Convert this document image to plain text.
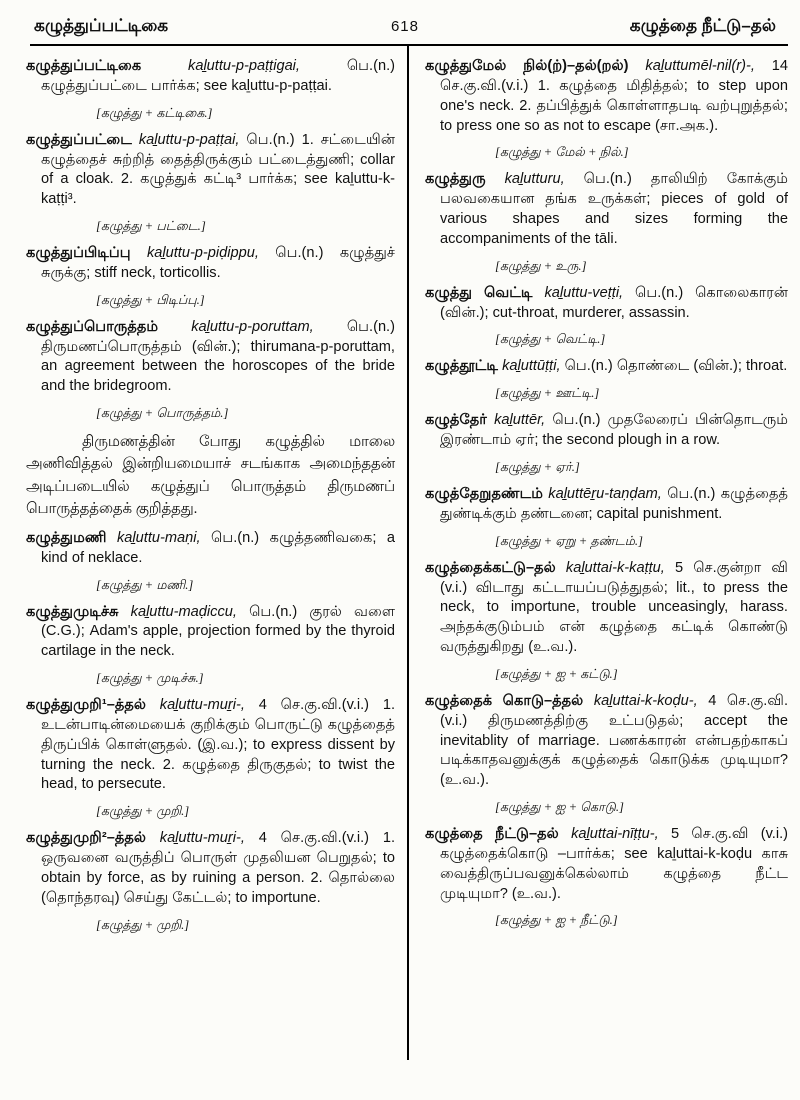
கழுத்துப்பட்டிகை	618	கழுத்தை நீட்டு–தல்

கழுத்துப்பட்டிகை	kaḻuttu-p-paṭṭigai,	பெ.(n.) கழுத்துப்பட்டை பார்க்க; see kaḻuttu-p-paṭṭai.

[கழுத்து + கட்டிகை.]

கழுத்துப்பட்டை kaḻuttu-p-paṭṭai, பெ.(n.) 1. சட்டையின் கழுத்தைச் சுற்றித் தைத்திருக்கும் பட்டைத்துணி; collar of a cloak. 2. கழுத்துக் கட்டி³ பார்க்க; see kaḻuttu-k-kaṭṭi³.

[கழுத்து + பட்டை.]

கழுத்துப்பிடிப்பு kaḻuttu-p-piḍippu, பெ.(n.) கழுத்துச் சுருக்கு; stiff neck, torticollis.

[கழுத்து + பிடிப்பு.]

கழுத்துப்பொருத்தம் kaḻuttu-p-poruttam, பெ.(n.) திருமணப்பொருத்தம் (வின்.); thirumana-p-poruttam, an agreement between the horoscopes of the bride and the bridegroom.

[கழுத்து + பொருத்தம்.]

திருமணத்தின் போது கழுத்தில் மாலை அணிவித்தல் இன்றியமையாச் சடங்காக அமைந்ததன் அடிப்படையில் கழுத்துப் பொருத்தம் திருமணப் பொருத்தத்தைக் குறித்தது.

கழுத்துமணி kaḻuttu-maṇi, பெ.(n.) கழுத்தணிவகை; a kind of neklace.

[கழுத்து + மணி.]

கழுத்துமுடிச்சு kaḻuttu-maḍiccu, பெ.(n.) குரல் வளை (C.G.); Adam's apple, projection formed by the thyroid cartilage in the neck.

[கழுத்து + முடிச்சு.]

கழுத்துமுறி¹–த்தல் kaḻuttu-muṟi-, 4 செ.கு.வி.(v.i.) 1. உடன்பாடின்மையைக் குறிக்கும் பொருட்டு கழுத்தைத் திருப்பிக் கொள்ளுதல். (இ.வ.); to express dissent by turning the neck. 2. கழுத்தை திருகுதல்; to twist the head, to persecute.

[கழுத்து + முறி.]

கழுத்துமுறி²–த்தல் kaḻuttu-muṟi-, 4 செ.கு.வி.(v.i.) 1. ஒருவனை வருத்திப் பொருள் முதலியன பெறுதல்; to obtain by force, as by ruining a person. 2. தொல்லை (தொந்தரவு) செய்து கேட்டல்; to importune.

[கழுத்து + முறி.]

கழுத்துமேல் நில்(ற்)–தல்(றல்) kaḻuttumēl-nil(r)-, 14 செ.கு.வி.(v.i.) 1. கழுத்தை மிதித்தல்; to step upon one's neck. 2. தப்பித்துக் கொள்ளாதபடி வற்புறுத்தல்; to press one so as not to escape (சா.அக.).

[கழுத்து + மேல் + நில்.]

கழுத்துரு kaḻutturu, பெ.(n.) தாலியிற் கோக்கும் பலவகையான தங்க உருக்கள்; pieces of gold of various shapes and sizes forming the accompaniments of the tāli.

[கழுத்து + உரு.]

கழுத்து வெட்டி kaḻuttu-veṭṭi, பெ.(n.) கொலைகாரன் (வின்.); cut-throat, murderer, assassin.

[கழுத்து + வெட்டி.]

கழுத்தூட்டி kaḻuttūṭṭi, பெ.(n.) தொண்டை (வின்.); throat.

[கழுத்து + ஊட்டி.]

கழுத்தேர் kaḻuttēr, பெ.(n.) முதலேரைப் பின்தொடரும் இரண்டாம் ஏர்; the second plough in a row.

[கழுத்து + ஏர்.]

கழுத்தேறுதண்டம் kaḻuttēṟu-taṇḍam, பெ.(n.) கழுத்தைத் துண்டிக்கும் தண்டனை; capital punishment.

[கழுத்து + ஏறு + தண்டம்.]

கழுத்தைக்கட்டு–தல் kaḻuttai-k-kaṭṭu, 5 செ.குன்றா வி (v.i.) விடாது கட்டாயப்படுத்துதல்; lit., to press the neck, to importune, trouble unceasingly, harass. அந்தக்குடும்பம் என் கழுத்தை கட்டிக் கொண்டு வருத்துகிறது (உ.வ.).

[கழுத்து + ஐ + கட்டு.]

கழுத்தைக் கொடு–த்தல் kaḻuttai-k-koḍu-, 4 செ.கு.வி.(v.i.) திருமணத்திற்கு உட்படுதல்; accept the inevitablity of marriage. பணக்காரன் என்பதற்காகப் படிக்காதவனுக்குக் கழுத்தைக் கொடுக்க முடியுமா? (உ.வ.).

[கழுத்து + ஐ + கொடு.]

கழுத்தை நீட்டு–தல் kaḻuttai-nīṭṭu-, 5 செ.கு.வி (v.i.) கழுத்தைக்கொடு –பார்க்க; see kaḻuttai-k-koḍu காசு வைத்திருப்பவனுக்கெல்லாம் கழுத்தை நீட்ட முடியுமா? (உ.வ.).

[கழுத்து + ஐ + நீட்டு.]
